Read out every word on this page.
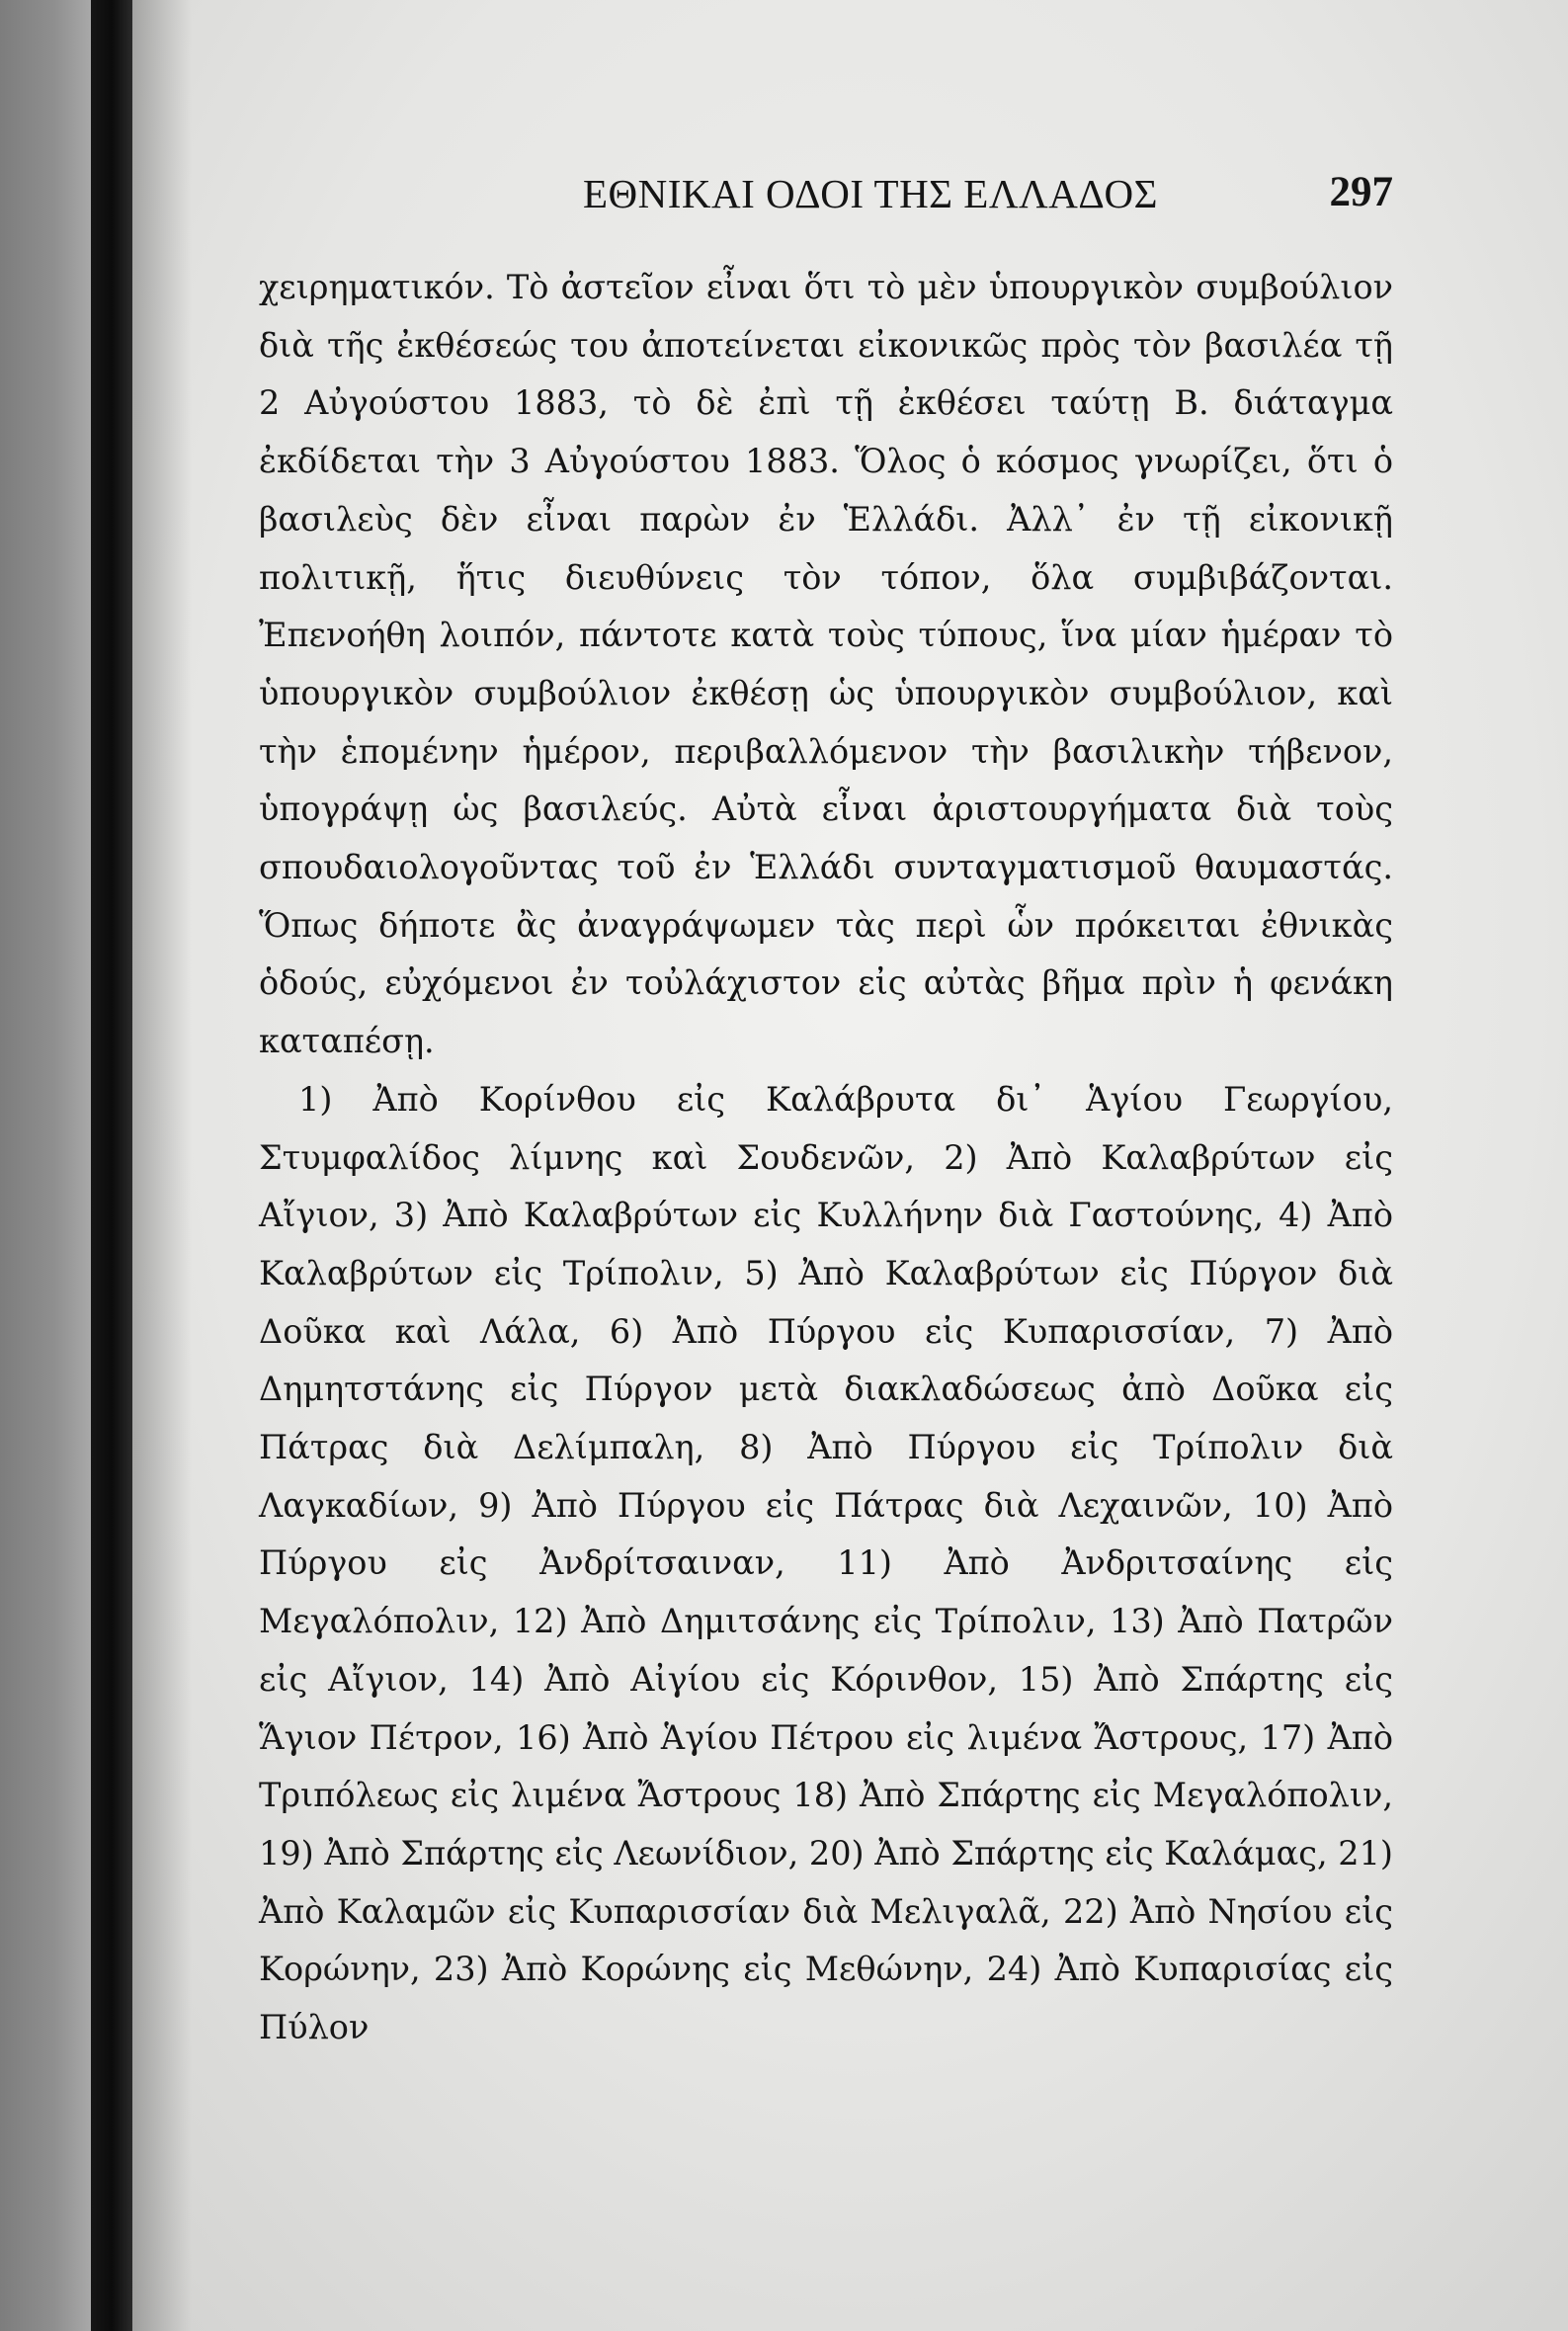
ΕΘΝΙΚΑΙ ΟΔΟΙ ΤΗΣ ΕΛΛΑΔΟΣ	297

χειρηματικόν. Τὸ ἀστεῖον εἶναι ὅτι τὸ μὲν ὑπουργικὸν συμβούλιον διὰ τῆς ἐκθέσεώς του ἀποτείνεται εἰκονικῶς πρὸς τὸν βασιλέα τῇ 2 Αὐγούστου 1883, τὸ δὲ ἐπὶ τῇ ἐκθέσει ταύτῃ Β. διάταγμα ἐκδίδεται τὴν 3 Αὐγούστου 1883. Ὅλος ὁ κόσμος γνωρίζει, ὅτι ὁ βασιλεὺς δὲν εἶναι παρὼν ἐν Ἑλλάδι. Ἀλλ᾽ ἐν τῇ εἰκονικῇ πολιτικῇ, ἥτις διευθύνεις τὸν τόπον, ὅλα συμβιβάζονται. Ἐπενοήθη λοιπόν, πάντοτε κατὰ τοὺς τύπους, ἵνα μίαν ἡμέραν τὸ ὑπουργικὸν συμβούλιον ἐκθέσῃ ὡς ὑπουργικὸν συμβούλιον, καὶ τὴν ἑπομένην ἡμέρον, περιβαλλόμενον τὴν βασιλικὴν τήβενον, ὑπογράψῃ ὡς βασιλεύς. Αὐτὰ εἶναι ἀριστουργήματα διὰ τοὺς σπουδαιολογοῦντας τοῦ ἐν Ἑλλάδι συνταγματισμοῦ θαυμαστάς. Ὅπως δήποτε ἂς ἀναγράψωμεν τὰς περὶ ὧν πρόκειται ἐθνικὰς ὁδούς, εὐχόμενοι ἐν τοὐλάχιστον εἰς αὐτὰς βῆμα πρὶν ἡ φενάκη
καταπέσῃ.

1) Ἀπὸ Κορίνθου εἰς Καλάβρυτα δι᾽ Ἁγίου Γεωργίου, Στυμφαλίδος λίμνης καὶ Σουδενῶν, 2) Ἀπὸ Καλαβρύτων εἰς Αἴγιον, 3) Ἀπὸ Καλαβρύτων εἰς Κυλλήνην διὰ Γαστούνης, 4) Ἀπὸ Καλαβρύτων εἰς Τρίπολιν, 5) Ἀπὸ Καλαβρύτων εἰς Πύργον διὰ Δοῦκα καὶ Λάλα, 6) Ἀπὸ Πύργου εἰς Κυπαρισσίαν, 7) Ἀπὸ Δημητστάνης εἰς Πύργον μετὰ διακλαδώσεως ἀπὸ Δοῦκα εἰς Πάτρας διὰ Δελίμπαλη, 8) Ἀπὸ Πύργου εἰς Τρίπολιν διὰ Λαγκαδίων, 9) Ἀπὸ Πύργου εἰς Πάτρας διὰ Λεχαινῶν, 10) Ἀπὸ Πύργου εἰς Ἀνδρίτσαιναν, 11) Ἀπὸ Ἀνδριτσαίνης εἰς Μεγαλόπολιν, 12) Ἀπὸ Δημιτσάνης εἰς Τρίπολιν, 13) Ἀπὸ Πατρῶν εἰς Αἴγιον, 14) Ἀπὸ Αἰγίου εἰς Κόρινθον, 15) Ἀπὸ Σπάρτης εἰς Ἅγιον Πέτρον, 16) Ἀπὸ Ἁγίου Πέτρου εἰς λιμένα Ἄστρους, 17) Ἀπὸ Τριπόλεως εἰς λιμένα Ἄστρους 18) Ἀπὸ Σπάρτης εἰς Μεγαλόπολιν, 19) Ἀπὸ Σπάρτης εἰς Λεωνίδιον, 20) Ἀπὸ Σπάρτης εἰς Καλάμας, 21) Ἀπὸ Καλαμῶν εἰς Κυπαρισσίαν διὰ Μελιγαλᾶ, 22) Ἀπὸ Νησίου εἰς Κορώνην, 23) Ἀπὸ Κορώνης εἰς Μεθώνην, 24) Ἀπὸ Κυπαρισίας εἰς Πύλον
